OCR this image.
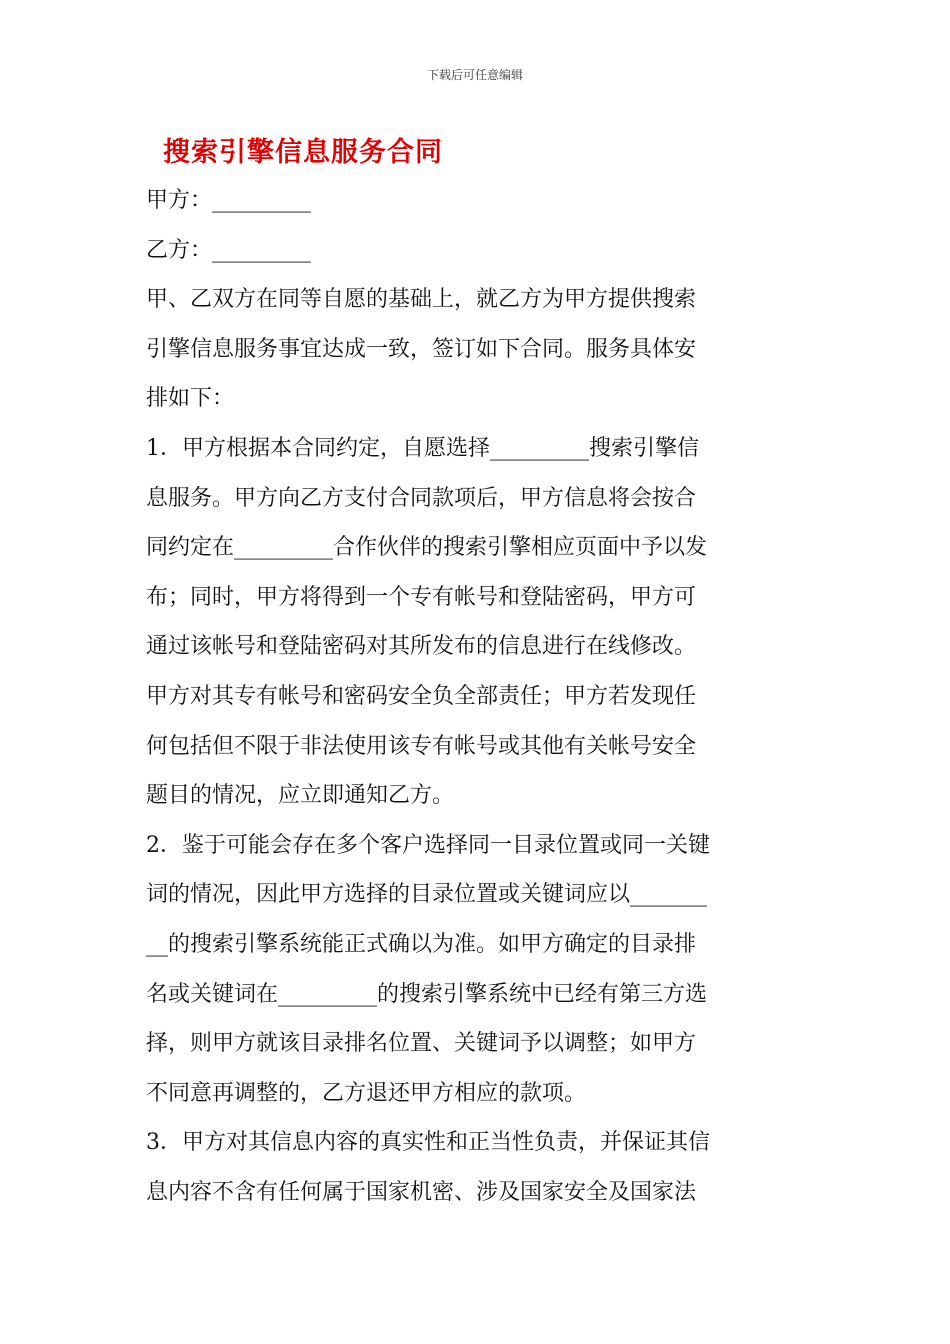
下载后可任意编辑
搜索引擎信息服务合同
甲方：_________
乙方：_________
甲、乙双方在同等自愿的基础上，就乙方为甲方提供搜索
引擎信息服务事宜达成一致，签订如下合同。服务具体安
排如下：
1．甲方根据本合同约定，自愿选择_________搜索引擎信
息服务。甲方向乙方支付合同款项后，甲方信息将会按合
同约定在_________合作伙伴的搜索引擎相应页面中予以发
布；同时，甲方将得到一个专有帐号和登陆密码，甲方可
通过该帐号和登陆密码对其所发布的信息进行在线修改。
甲方对其专有帐号和密码安全负全部责任；甲方若发现任
何包括但不限于非法使用该专有帐号或其他有关帐号安全
题目的情况，应立即通知乙方。
2．鉴于可能会存在多个客户选择同一目录位置或同一关键
词的情况，因此甲方选择的目录位置或关键词应以_______
__的搜索引擎系统能正式确以为准。如甲方确定的目录排
名或关键词在_________的搜索引擎系统中已经有第三方选
择，则甲方就该目录排名位置、关键词予以调整；如甲方
不同意再调整的，乙方退还甲方相应的款项。
3．甲方对其信息内容的真实性和正当性负责，并保证其信
息内容不含有任何属于国家机密、涉及国家安全及国家法
